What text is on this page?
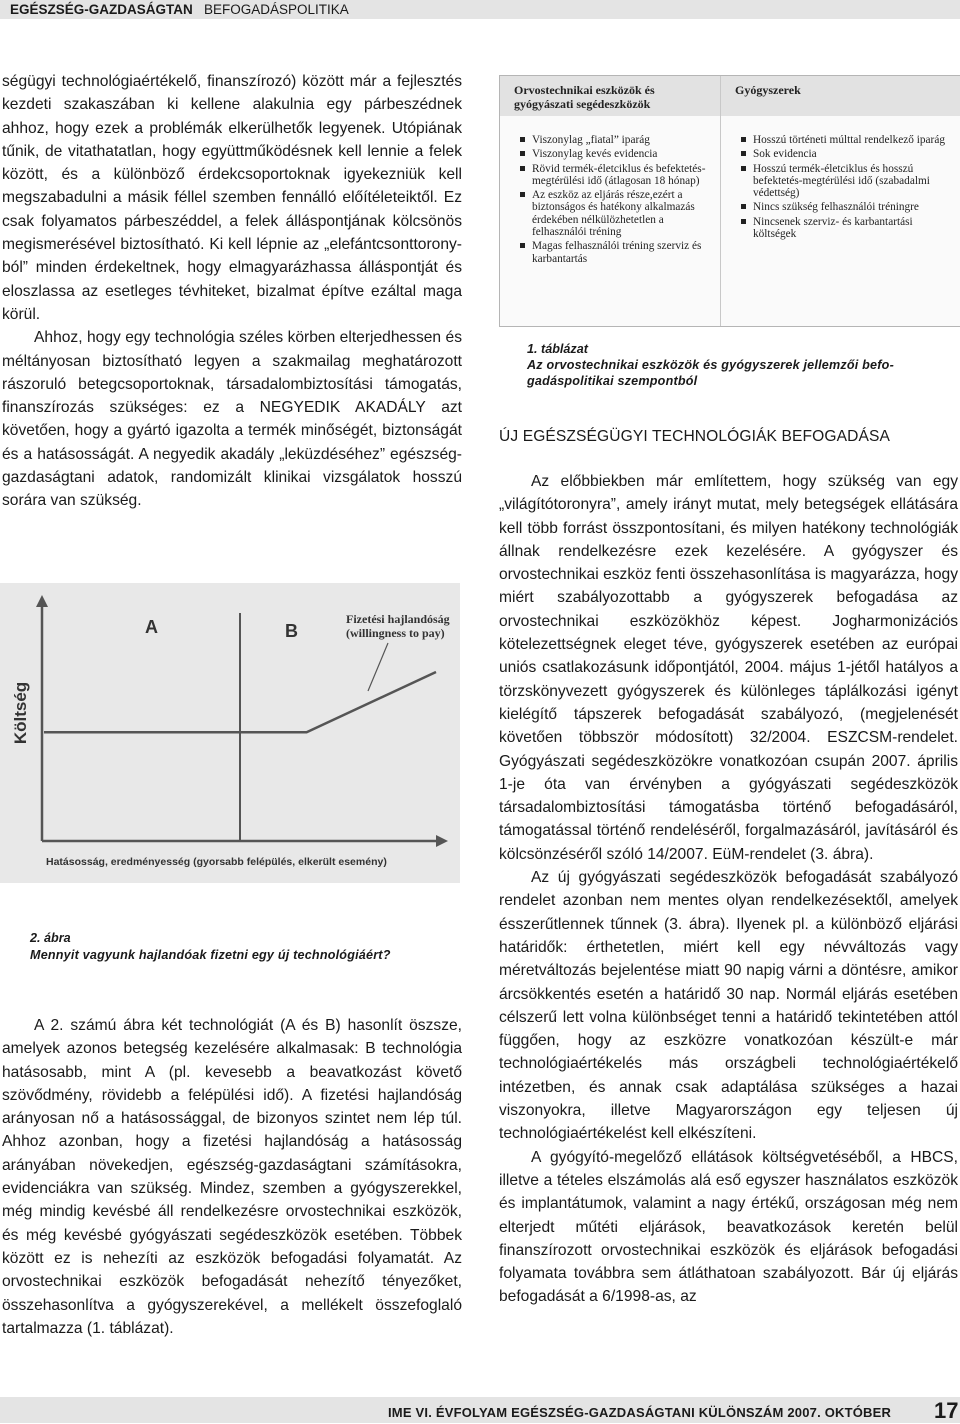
EGÉSZSÉG-GAZDASÁGTAN BEFOGADÁSPOLITIKA

ségügyi technológiaértékelő, finanszírozó) között már a fejlesztés kezdeti szakaszában ki kellene alakulnia egy párbeszédnek ahhoz, hogy ezek a problémák elkerülhetők legyenek. Utópiának tűnik, de vitathatatlan, hogy együttműködésnek kell lennie a felek között, és a különböző érdekcsoportoknak igyekezniük kell megszabadulni a másik féllel szemben fennálló előítéleteiktől. Ez csak folyamatos párbeszéddel, a felek álláspontjának kölcsönös megismerésével biztosítható. Ki kell lépnie az „elefántcsonttoronyból” minden érdekeltnek, hogy elmagyarázhassa álláspontját és eloszlassa az esetleges tévhiteket, bizalmat építve ezáltal maga körül.

Ahhoz, hogy egy technológia széles körben elterjedhessen és méltányosan biztosítható legyen a szakmailag meghatározott rászoruló betegcsoportoknak, társadalombiztosítási támogatás, finanszírozás szükséges: ez a NEGYEDIK AKADÁLY azt követően, hogy a gyártó igazolta a termék minőségét, biztonságát és a hatásosságát. A negyedik akadály „leküzdéséhez” egészség-gazdaságtani adatok, randomizált klinikai vizsgálatok hosszú sorára van szükség.

Orvostechnikai eszközök és gyógyászati segédeszközök
Viszonylag „fiatal” iparág
Viszonylag kevés evidencia
Rövid termék-életciklus és befektetés-megtérülési idő (átlagosan 18 hónap)
Az eszköz az eljárás része,ezért a biztonságos és hatékony alkalmazás érdekében nélkülözhetetlen a felhasználói tréning
Magas felhasználói tréning szerviz és karbantartás
Gyógyszerek
Hosszú történeti múlttal rendelkező iparág
Sok evidencia
Hosszú termék-életciklus és hosszú befektetés-megtérülési idő (szabadalmi védettség)
Nincs szükség felhasználói tréningre
Nincsenek szerviz- és karbantartási költségek
1. táblázat
Az orvostechnikai eszközök és gyógyszerek jellemzői befogadáspolitikai szempontból
ÚJ EGÉSZSÉGÜGYI TECHNOLÓGIÁK BEFOGADÁSA

Az előbbiekben már említettem, hogy szükség van egy „világítótoronyra”, amely irányt mutat, mely betegségek ellátására kell több forrást összpontosítani, és milyen hatékony technológiák állnak rendelkezésre ezek kezelésére. A gyógyszer és orvostechnikai eszköz fenti összehasonlítása is magyarázza, hogy miért szabályozottabb a gyógyszerek befogadása az orvostechnikai eszközökhöz képest. Jogharmonizációs kötelezettségnek eleget téve, gyógyszerek esetében az európai uniós csatlakozásunk időpontjától, 2004. május 1-jétől hatályos a törzskönyvezett gyógyszerek és különleges táplálkozási igényt kielégítő tápszerek befogadását szabályozó, (megjelenését követően többször módosított) 32/2004. ESZCSM-rendelet. Gyógyászati segédeszközökre vonatkozóan csupán 2007. április 1-je óta van érvényben a gyógyászati segédeszközök társadalombiztosítási támogatásba történő befogadásáról, támogatással történő rendeléséről, forgalmazásáról, javításáról és kölcsönzéséről szóló 14/2007. EüM-rendelet (3. ábra).

Az új gyógyászati segédeszközök befogadását szabályozó rendelet azonban nem mentes olyan rendelkezésektől, amelyek ésszerűtlennek tűnnek (3. ábra). Ilyenek pl. a különböző eljárási határidők: érthetetlen, miért kell egy névváltozás vagy méretváltozás bejelentése miatt 90 napig várni a döntésre, amikor árcsökkentés esetén a határidő 30 nap. Normál eljárás esetében célszerű lett volna különbséget tenni a határidő tekintetében attól függően, hogy az eszközre vonatkozóan készült-e már technológiaértékelés más országbeli technológiaértékelő intézetben, és annak csak adaptálása szükséges a hazai viszonyokra, illetve Magyarországon egy teljesen új technológiaértékelést kell elkészíteni.

A gyógyító-megelőző ellátások költségvetéséből, a HBCS, illetve a tételes elszámolás alá eső egyszer használatos eszközök és implantátumok, valamint a nagy értékű, országosan még nem elterjedt műtéti eljárások, beavatkozások keretén belül finanszírozott orvostechnikai eszközök és eljárások befogadási folyamata továbbra sem átláthatoan szabályozott. Bár új eljárás befogadását a 6/1998-as, az

A	B
Fizetési hajlandóság
(willingness to pay)
Költség
Hatásosság, eredményesség (gyorsabb felépülés, elkerült esemény)
2. ábra
Mennyit vagyunk hajlandóak fizetni egy új technológiáért?

A 2. számú ábra két technológiát (A és B) hasonlít öszsze, amelyek azonos betegség kezelésére alkalmasak: B technológia hatásosabb, mint A (pl. kevesebb a beavatkozást követő szövődmény, rövidebb a felépülési idő). A fizetési hajlandóság arányosan nő a hatásossággal, de bizonyos szintet nem lép túl. Ahhoz azonban, hogy a fizetési hajlandóság a hatásosság arányában növekedjen, egészség-gazdaságtani számításokra, evidenciákra van szükség. Mindez, szemben a gyógyszerekkel, még mindig kevésbé áll rendelkezésre orvostechnikai eszközök, és még kevésbé gyógyászati segédeszközök esetében. Többek között ez is nehezíti az eszközök befogadási folyamatát. Az orvostechnikai eszközök befogadását nehezítő tényezőket, összehasonlítva a gyógyszerekével, a mellékelt összefoglaló tartalmazza (1. táblázat).

IME VI. ÉVFOLYAM EGÉSZSÉG-GAZDASÁGTANI KÜLÖNSZÁM 2007. OKTÓBER 17
